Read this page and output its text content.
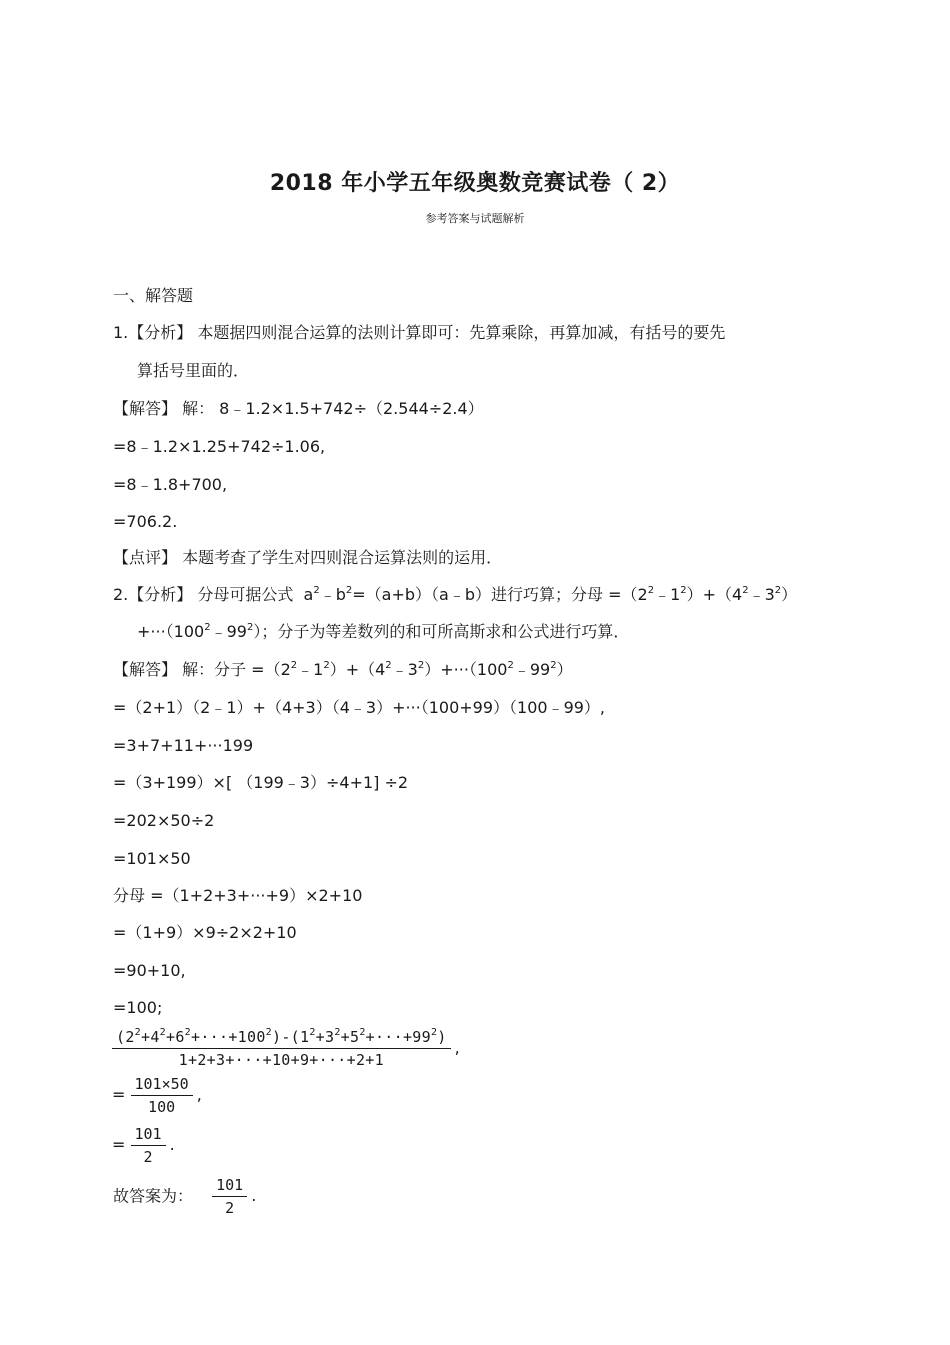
2018 年小学五年级奥数竞赛试卷（ 2）
参考答案与试题解析
一、解答题
1.【分析】 本题据四则混合运算的法则计算即可：先算乘除，再算加减，有括号的要先
算括号里面的．
【解答】 解： 8﹣1.2×1.5+742÷（2.544÷2.4）
=8﹣1.2×1.25+742÷1.06,
=8﹣1.8+700,
=706.2.
【点评】 本题考查了学生对四则混合运算法则的运用．
2.【分析】 分母可据公式  $a^2﹣b^2=(a+b)(a﹣b)$进行巧算；分母 $=(2^2﹣1^2)+(4^2﹣3^2)$
$+\cdot\cdot\cdot(100^2﹣99^2)$；分子为等差数列的和可所高斯求和公式进行巧算．
【解答】 解：分子 $=(2^2﹣1^2)+(4^2﹣3^2)+\cdot\cdot\cdot(100^2﹣99^2)$
=（2+1）（2﹣1）+（4+3）（4﹣3）+···（100+99）（100﹣99）,
=3+7+11+···199
=（3+199）×[ （199﹣3）÷4+1] ÷2
=202×50÷2
=101×50
分母 =（1+2+3+···+9）×2+10
=（1+9）×9÷2×2+10
=90+10,
=100;
$(2^2+4^2+6^2+\cdot\cdot\cdot+100^2)-(1^2+3^2+5^2+\cdot\cdot\cdot+99^2)$
1+2+3+···+10+9+···+2+1
,
= $\frac{101\times 50}{100}$ ,
= $\frac{101}{2}$ .
故答案为： $\frac{101}{2}$ .
